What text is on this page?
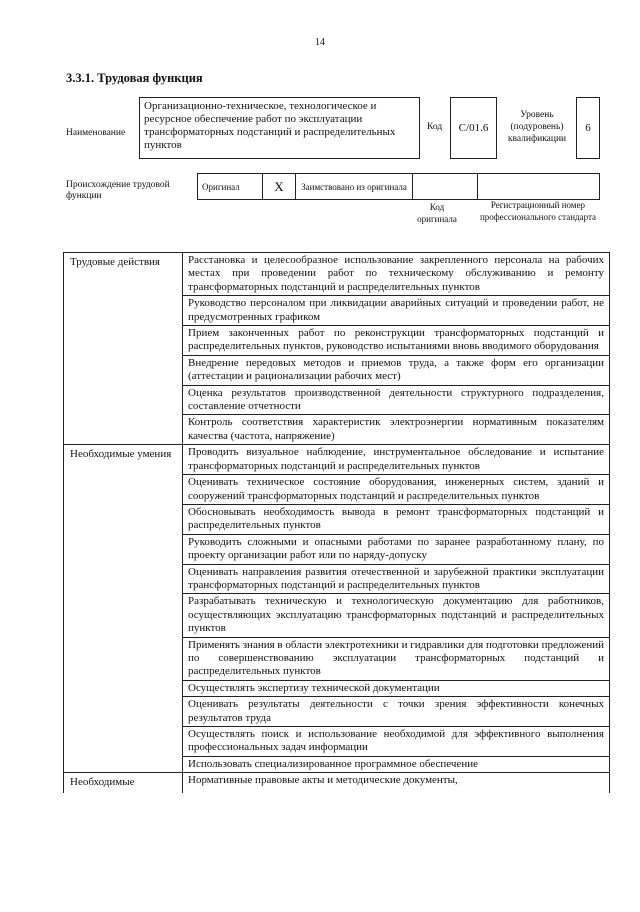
14
3.3.1. Трудовая функция
Наименование
Организационно-техническое, технологическое и ресурсное обеспечение работ по эксплуатации трансформаторных подстанций и распределительных пунктов
Код	C/01.6
Уровень (подуровень) квалификации
6
Происхождение трудовой функции
Оригинал	X	Заимствовано из оригинала		
Код оригинала
Регистрационный номер профессионального стандарта
Трудовые действия	Расстановка и целесообразное использование закрепленного персонала на рабочих местах при проведении работ по техническому обслуживанию и ремонту трансформаторных подстанций и распределительных пунктов
	Руководство персоналом при ликвидации аварийных ситуаций и проведении работ, не предусмотренных графиком
	Прием законченных работ по реконструкции трансформаторных подстанций и распределительных пунктов, руководство испытаниями вновь вводимого оборудования
	Внедрение передовых методов и приемов труда, а также форм его организации (аттестации и рационализации рабочих мест)
	Оценка результатов производственной деятельности структурного подразделения, составление отчетности
	Контроль соответствия характеристик электроэнергии нормативным показателям качества (частота, напряжение)
Необходимые умения	Проводить визуальное наблюдение, инструментальное обследование и испытание трансформаторных подстанций и распределительных пунктов
	Оценивать техническое состояние оборудования, инженерных систем, зданий и сооружений трансформаторных подстанций и распределительных пунктов
	Обосновывать необходимость вывода в ремонт трансформаторных подстанций и распределительных пунктов
	Руководить сложными и опасными работами по заранее разработанному плану, по проекту организации работ или по наряду-допуску
	Оценивать направления развития отечественной и зарубежной практики эксплуатации трансформаторных подстанций и распределительных пунктов
	Разрабатывать техническую и технологическую документацию для работников, осуществляющих эксплуатацию трансформаторных подстанций и распределительных пунктов
	Применять знания в области электротехники и гидравлики для подготовки предложений по совершенствованию эксплуатации трансформаторных подстанций и распределительных пунктов
	Осуществлять экспертизу технической документации
	Оценивать результаты деятельности с точки зрения эффективности конечных результатов труда
	Осуществлять поиск и использование необходимой для эффективного выполнения профессиональных задач информации
	Использовать специализированное программное обеспечение
Необходимые	Нормативные правовые акты и методические документы,
